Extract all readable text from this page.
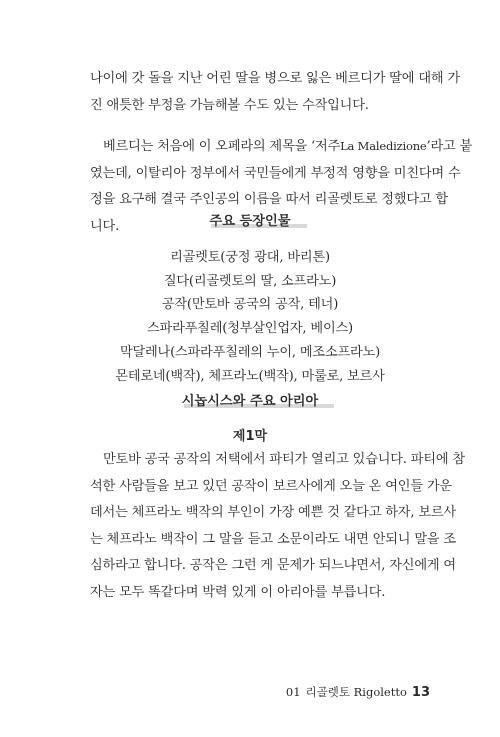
나이에 갓 돌을 지난 어린 딸을 병으로 잃은 베르디가 딸에 대해 가
진 애틋한 부정을 가늠해볼 수도 있는 수작입니다.

베르디는 처음에 이 오페라의 제목을 ‘저주La Maledizione’라고 붙
였는데, 이탈리아 정부에서 국민들에게 부정적 영향을 미친다며 수
정을 요구해 결국 주인공의 이름을 따서 리골렛토로 정했다고 합
니다.	주요 등장인물
리골렛토(궁정 광대, 바리톤)
질다(리골렛토의 딸, 소프라노)
공작(만토바 공국의 공작, 테너)
스파라푸칠레(청부살인업자, 베이스)
막달레나(스파라푸칠레의 누이, 메조소프라노)
몬테로네(백작), 체프라노(백작), 마룰로, 보르사
시놉시스와 주요 아리아
제1막

만토바 공국 공작의 저택에서 파티가 열리고 있습니다. 파티에 참
석한 사람들을 보고 있던 공작이 보르사에게 오늘 온 여인들 가운
데서는 체프라노 백작의 부인이 가장 예쁜 것 같다고 하자, 보르사
는 체프라노 백작이 그 말을 듣고 소문이라도 내면 안되니 말을 조
심하라고 합니다. 공작은 그런 게 문제가 되느냐면서, 자신에게 여
자는 모두 똑같다며 박력 있게 이 아리아를 부릅니다.

01 리골렛토 Rigoletto 13
